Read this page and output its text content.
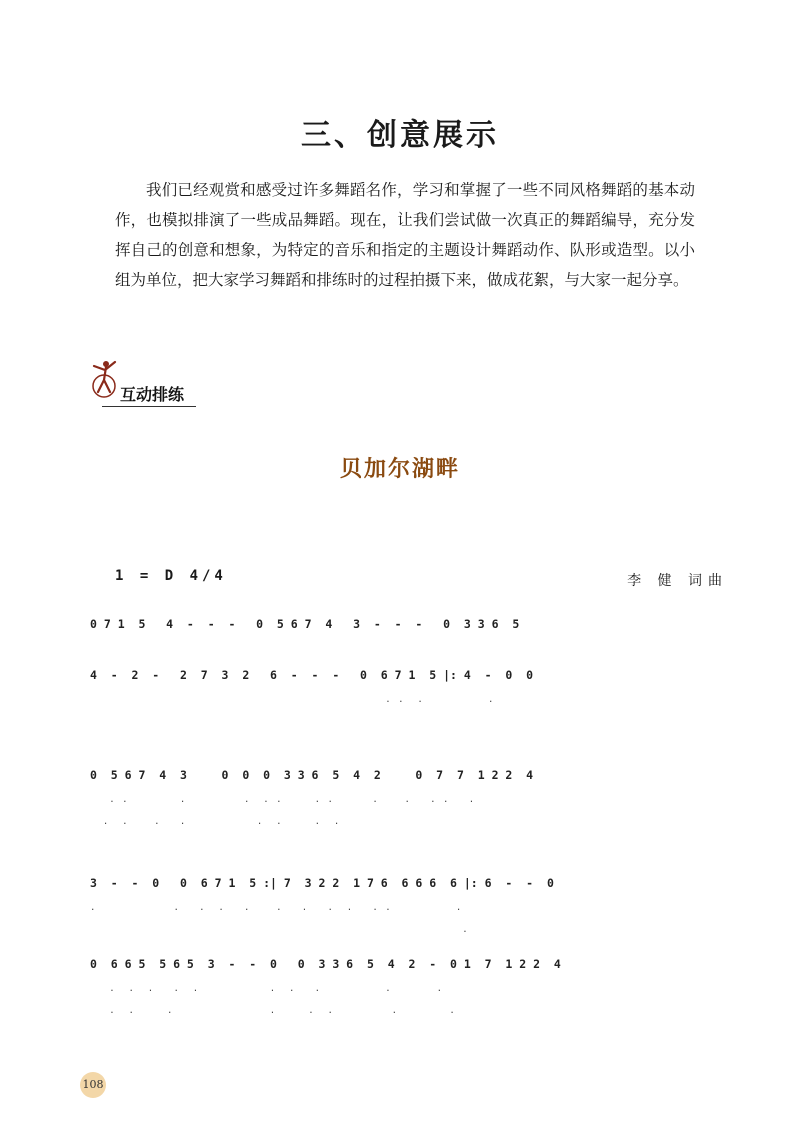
三、创意展示

我们已经观赏和感受过许多舞蹈名作，学习和掌握了一些不同风格舞蹈的基本动作，也模拟排演了一些成品舞蹈。现在，让我们尝试做一次真正的舞蹈编导，充分发挥自己的创意和想象，为特定的音乐和指定的主题设计舞蹈动作、队形或造型。以小组为单位，把大家学习舞蹈和排练时的过程拍摄下来，做成花絮，与大家一起分享。

互动排练
贝加尔湖畔
1 = D 4/4	李 健 词曲
0 7 1  5   4  -  -  -   0  5 6 7  4   3  -  -  -   0  3 3 6  5
4  -  2  -   2  7  3  2   6  -  -  -   0  6 7 1  5 |: 4  -  0  0
. .  .          .
0  5 6 7  4  3     0  0  0  3 3 6  5  4  2     0  7  7  1 2 2  4
. .        .         .  . .     . .      .    .   . .   .
.  .    .   .           .  .     .  .
3  -  -  0   0  6 7 1  5 :| 7  3 2 2  1 7 6  6 6 6  6 |: 6  -  -  0
.            .   .  .   .    .   .   .  .   . .          .
.
0  6 6 5  5 6 5  3  -  -  0   0  3 3 6  5  4  2  -  0 1  7  1 2 2  4
.  .  .   .  .           .  .   .          .       .
.  .     .               .     .  .         .        .
108
